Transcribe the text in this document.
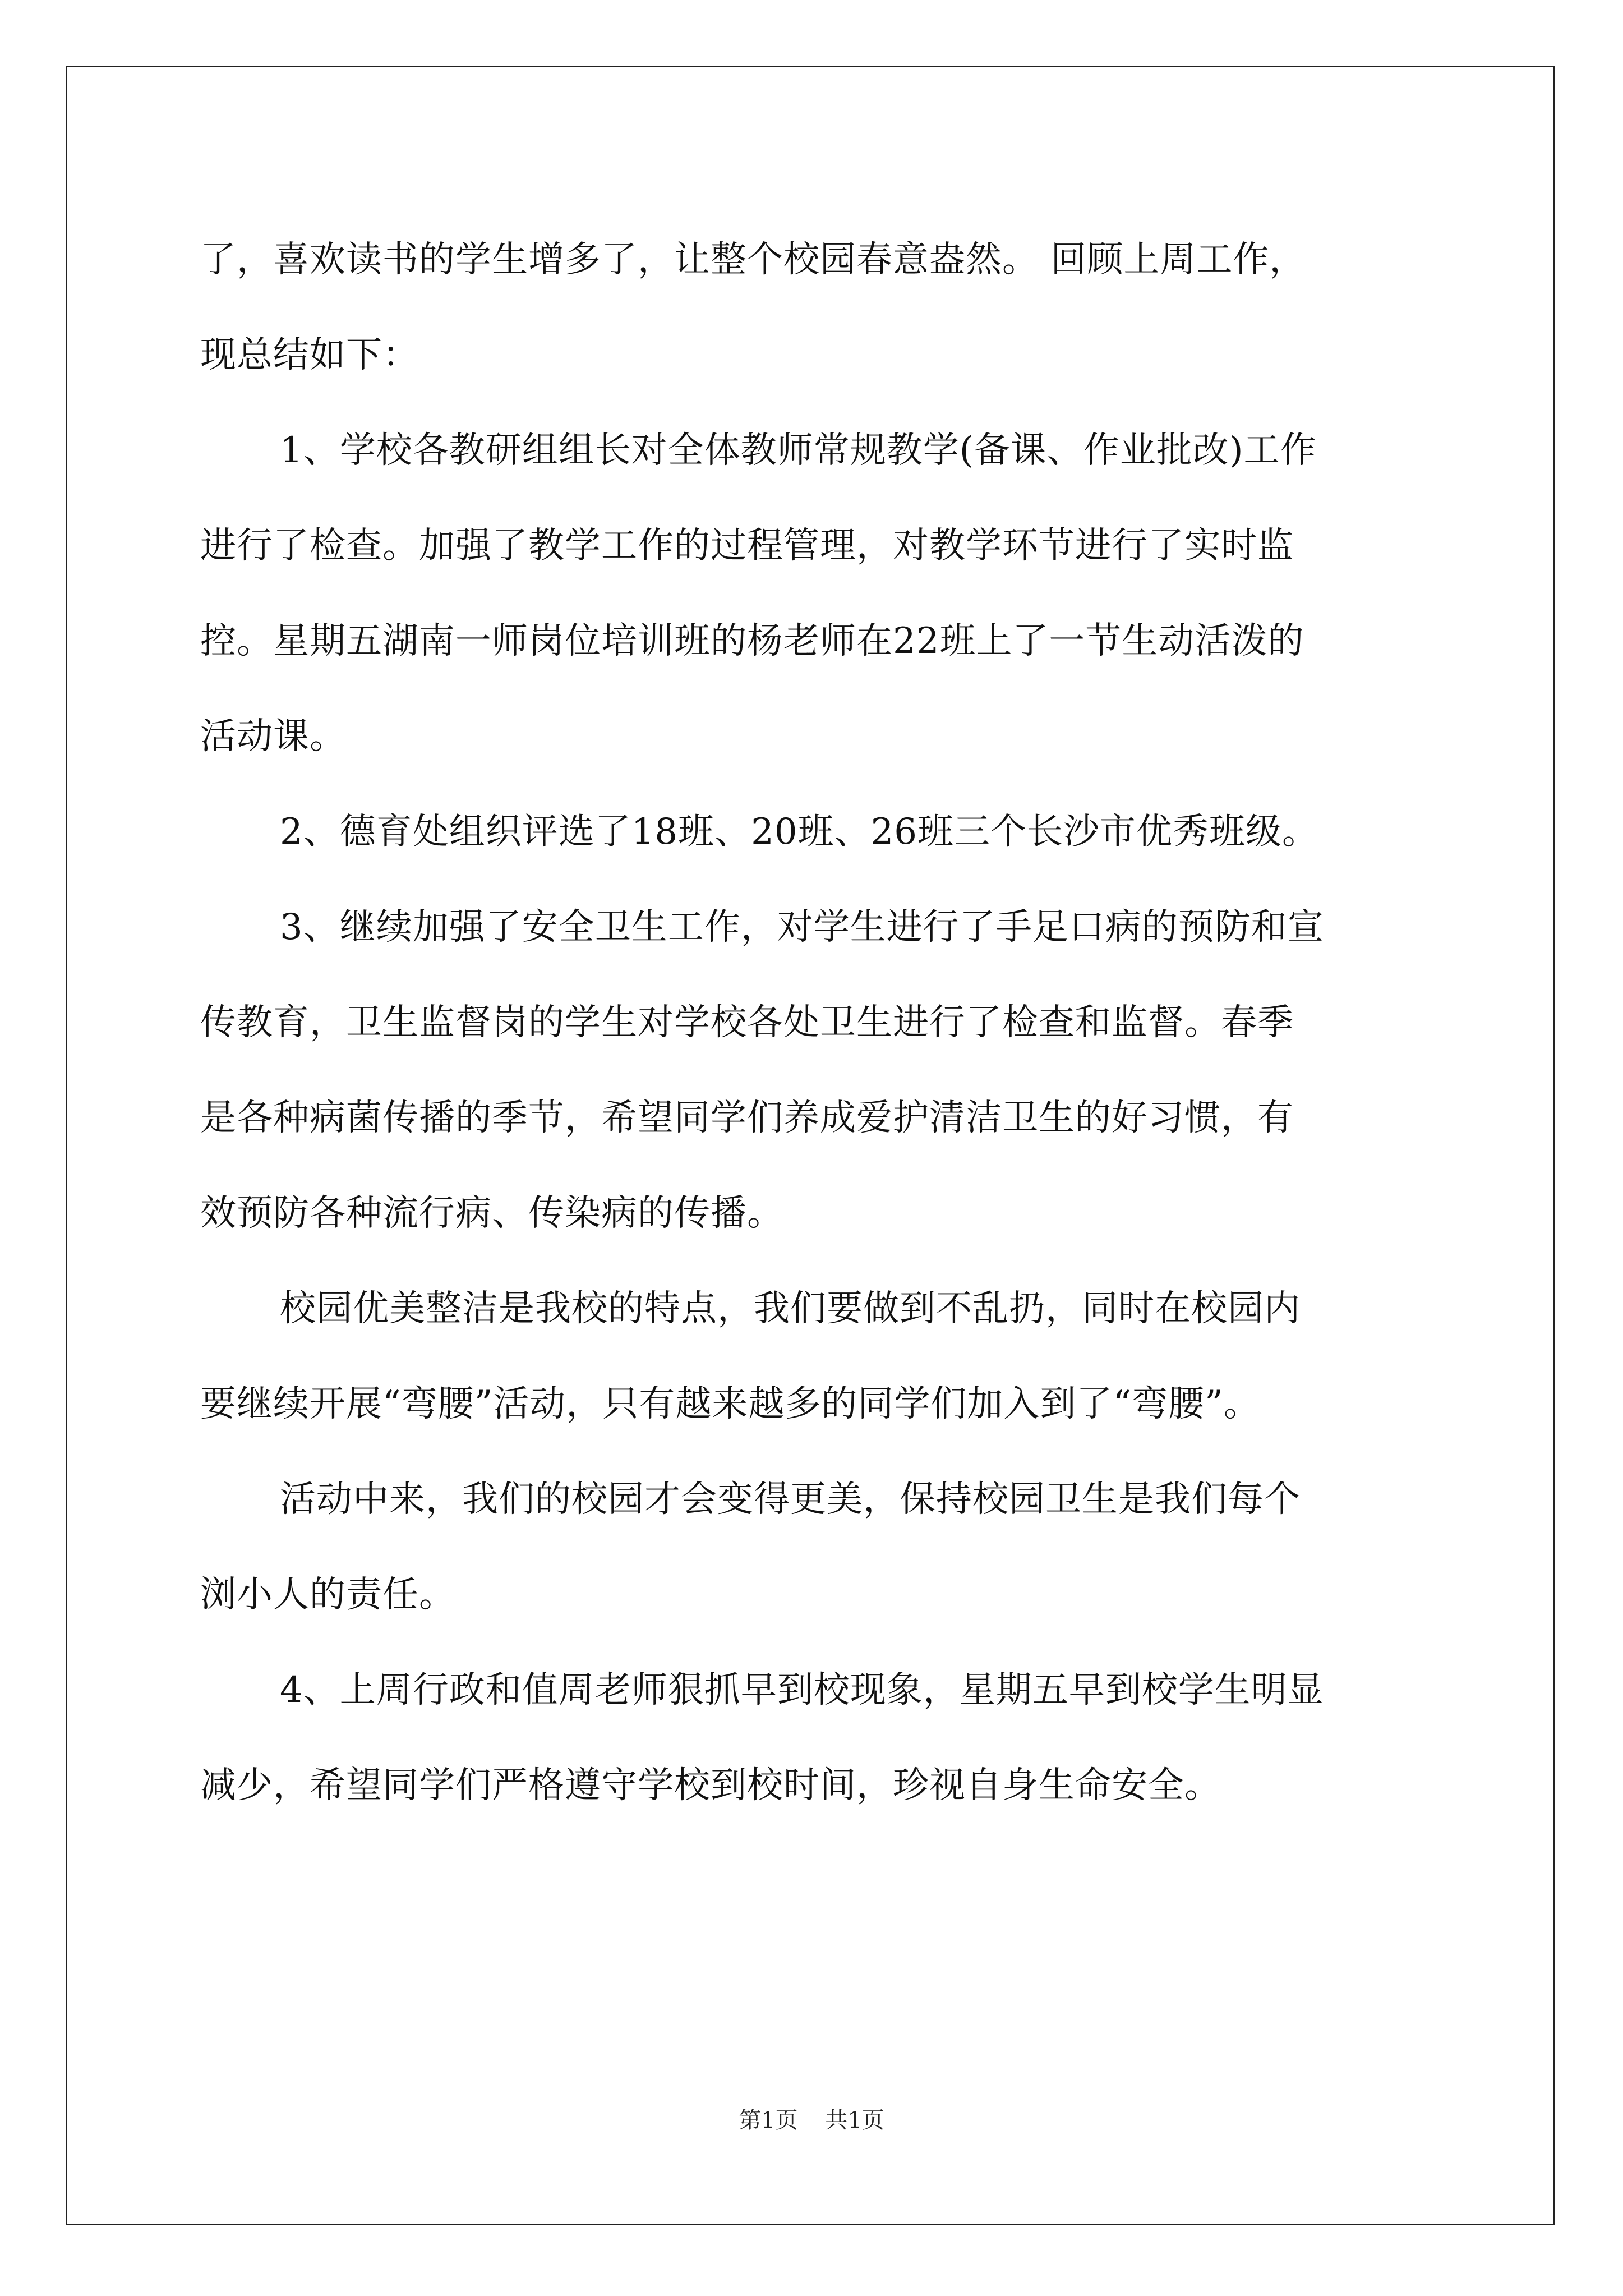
了，喜欢读书的学生增多了，让整个校园春意盎然。 回顾上周工作，
现总结如下：
1、学校各教研组组长对全体教师常规教学(备课、作业批改)工作
进行了检查。加强了教学工作的过程管理，对教学环节进行了实时监
控。星期五湖南一师岗位培训班的杨老师在22班上了一节生动活泼的
活动课。
2、德育处组织评选了18班、20班、26班三个长沙市优秀班级。
3、继续加强了安全卫生工作，对学生进行了手足口病的预防和宣
传教育，卫生监督岗的学生对学校各处卫生进行了检查和监督。春季
是各种病菌传播的季节，希望同学们养成爱护清洁卫生的好习惯，有
效预防各种流行病、传染病的传播。
校园优美整洁是我校的特点，我们要做到不乱扔，同时在校园内
要继续开展“弯腰”活动，只有越来越多的同学们加入到了“弯腰”。
活动中来，我们的校园才会变得更美，保持校园卫生是我们每个
浏小人的责任。
4、上周行政和值周老师狠抓早到校现象，星期五早到校学生明显
减少，希望同学们严格遵守学校到校时间，珍视自身生命安全。
第1页 共1页
